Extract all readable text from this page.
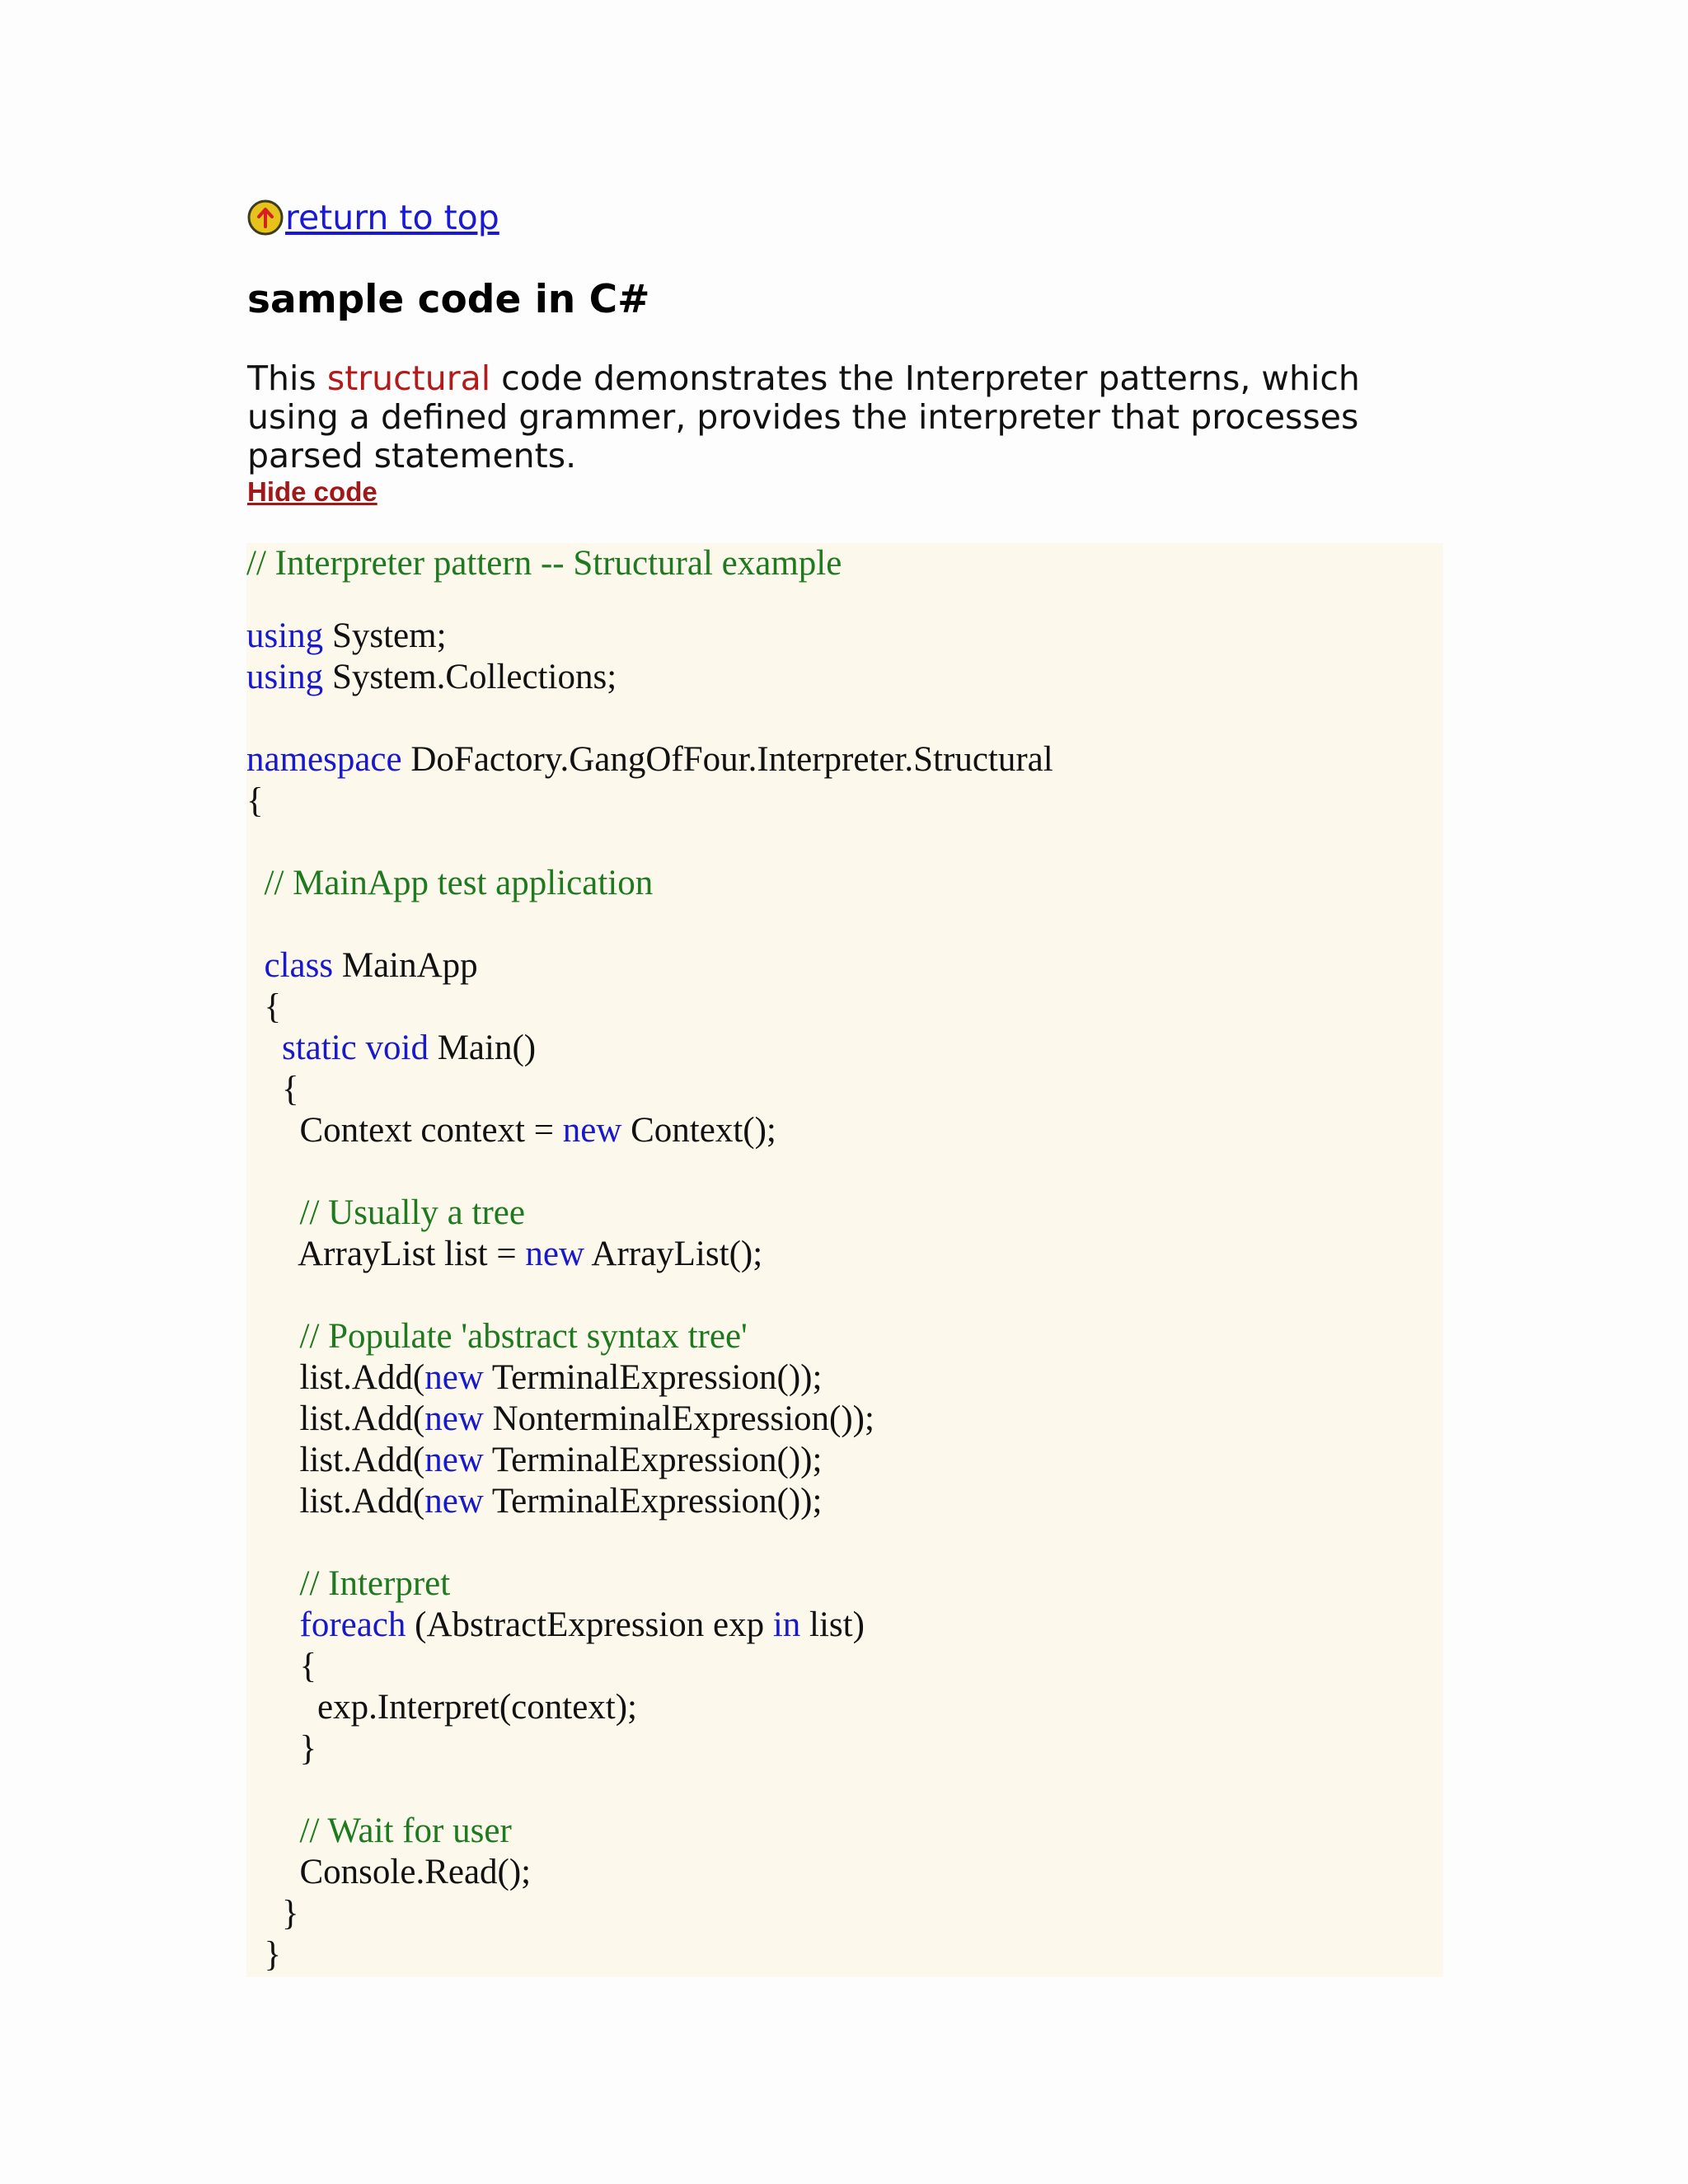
return to top
sample code in C#

This structural code demonstrates the Interpreter patterns, which using a defined grammer, provides the interpreter that processes parsed statements.

Hide code

// Interpreter pattern -- Structural example

using System;

using System.Collections;

namespace DoFactory.GangOfFour.Interpreter.Structural

{

// MainApp test application

class MainApp

{

static void Main()

{

Context context = new Context();

// Usually a tree

ArrayList list = new ArrayList();

// Populate 'abstract syntax tree'

list.Add(new TerminalExpression());

list.Add(new NonterminalExpression());

list.Add(new TerminalExpression());

list.Add(new TerminalExpression());

// Interpret

foreach (AbstractExpression exp in list)

{

exp.Interpret(context);

}

// Wait for user

Console.Read();

}

}
